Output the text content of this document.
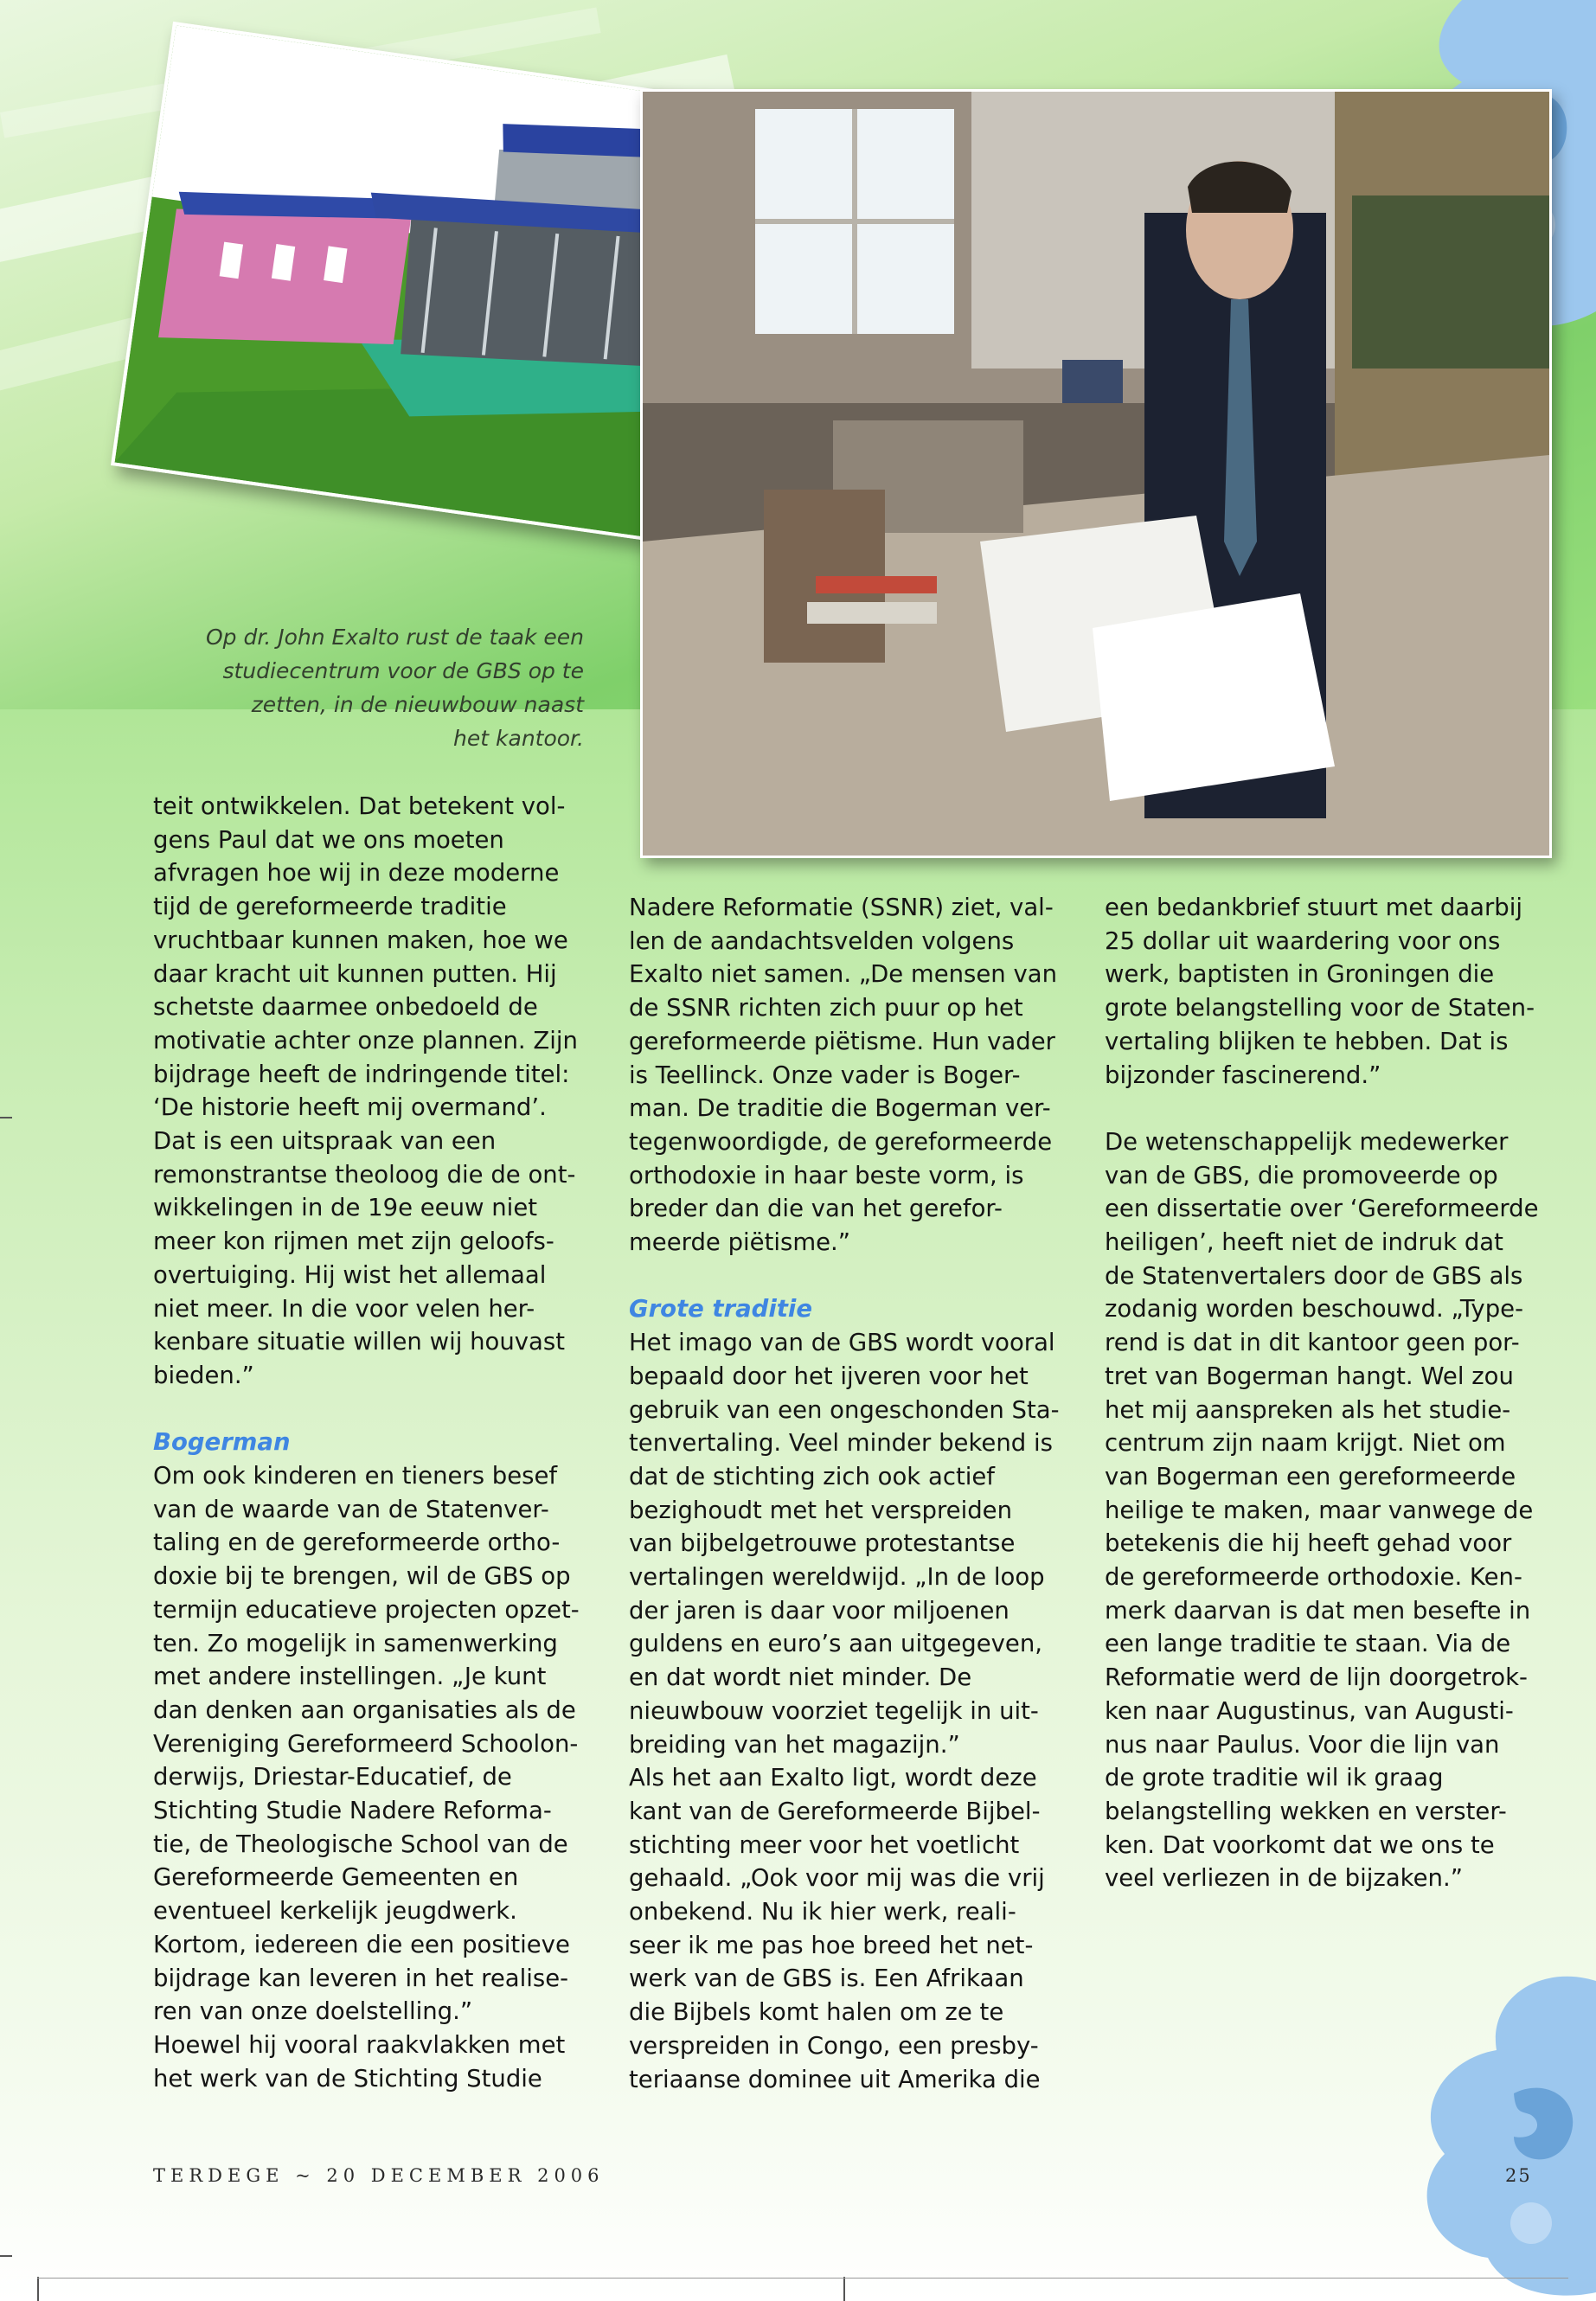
Op dr. John Exalto rust de taak een
studiecentrum voor de GBS op te
zetten, in de nieuwbouw naast
het kantoor.

teit ontwikkelen. Dat betekent vol-

gens Paul dat we ons moeten

afvragen hoe wij in deze moderne

tijd de gereformeerde traditie

vruchtbaar kunnen maken, hoe we

daar kracht uit kunnen putten. Hij

schetste daarmee onbedoeld de

motivatie achter onze plannen. Zijn

bijdrage heeft de indringende titel:

‘De historie heeft mij overmand’.

Dat is een uitspraak van een

remonstrantse theoloog die de ont-

wikkelingen in de 19e eeuw niet

meer kon rijmen met zijn geloofs-

overtuiging. Hij wist het allemaal

niet meer. In die voor velen her-

kenbare situatie willen wij houvast

bieden.”

Bogerman

Om ook kinderen en tieners besef

van de waarde van de Statenver-

taling en de gereformeerde ortho-

doxie bij te brengen, wil de GBS op

termijn educatieve projecten opzet-

ten. Zo mogelijk in samenwerking

met andere instellingen. „Je kunt

dan denken aan organisaties als de

Vereniging Gereformeerd Schoolon-

derwijs, Driestar-Educatief, de

Stichting Studie Nadere Reforma-

tie, de Theologische School van de

Gereformeerde Gemeenten en

eventueel kerkelijk jeugdwerk.

Kortom, iedereen die een positieve

bijdrage kan leveren in het realise-

ren van onze doelstelling.”

Hoewel hij vooral raakvlakken met

het werk van de Stichting Studie

Nadere Reformatie (SSNR) ziet, val-

len de aandachtsvelden volgens

Exalto niet samen. „De mensen van

de SSNR richten zich puur op het

gereformeerde piëtisme. Hun vader

is Teellinck. Onze vader is Boger-

man. De traditie die Bogerman ver-

tegenwoordigde, de gereformeerde

orthodoxie in haar beste vorm, is

breder dan die van het gerefor-

meerde piëtisme.”

Grote traditie

Het imago van de GBS wordt vooral

bepaald door het ijveren voor het

gebruik van een ongeschonden Sta-

tenvertaling. Veel minder bekend is

dat de stichting zich ook actief

bezighoudt met het verspreiden

van bijbelgetrouwe protestantse

vertalingen wereldwijd. „In de loop

der jaren is daar voor miljoenen

guldens en euro’s aan uitgegeven,

en dat wordt niet minder. De

nieuwbouw voorziet tegelijk in uit-

breiding van het magazijn.”

Als het aan Exalto ligt, wordt deze

kant van de Gereformeerde Bijbel-

stichting meer voor het voetlicht

gehaald. „Ook voor mij was die vrij

onbekend. Nu ik hier werk, reali-

seer ik me pas hoe breed het net-

werk van de GBS is. Een Afrikaan

die Bijbels komt halen om ze te

verspreiden in Congo, een presby-

teriaanse dominee uit Amerika die

een bedankbrief stuurt met daarbij

25 dollar uit waardering voor ons

werk, baptisten in Groningen die

grote belangstelling voor de Staten-

vertaling blijken te hebben. Dat is

bijzonder fascinerend.”

De wetenschappelijk medewerker

van de GBS, die promoveerde op

een dissertatie over ‘Gereformeerde

heiligen’, heeft niet de indruk dat

de Statenvertalers door de GBS als

zodanig worden beschouwd. „Type-

rend is dat in dit kantoor geen por-

tret van Bogerman hangt. Wel zou

het mij aanspreken als het studie-

centrum zijn naam krijgt. Niet om

van Bogerman een gereformeerde

heilige te maken, maar vanwege de

betekenis die hij heeft gehad voor

de gereformeerde orthodoxie. Ken-

merk daarvan is dat men besefte in

een lange traditie te staan. Via de

Reformatie werd de lijn doorgetrok-

ken naar Augustinus, van Augusti-

nus naar Paulus. Voor die lijn van

de grote traditie wil ik graag

belangstelling wekken en verster-

ken. Dat voorkomt dat we ons te

veel verliezen in de bijzaken.”

TERDEGE ~ 20 DECEMBER 2006	25
